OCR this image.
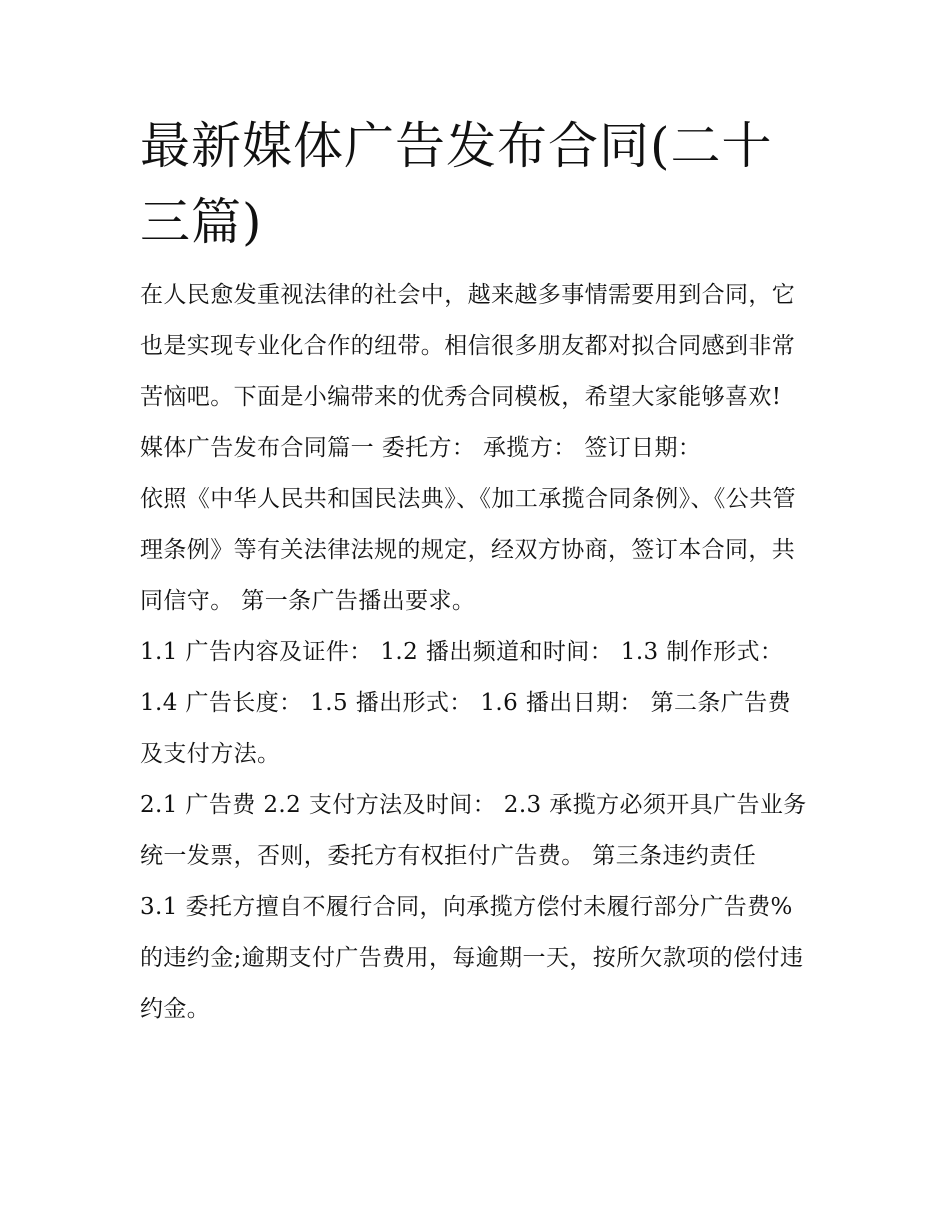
最新媒体广告发布合同(二十三篇)

在人民愈发重视法律的社会中，越来越多事情需要用到合同，它也是实现专业化合作的纽带。相信很多朋友都对拟合同感到非常苦恼吧。下面是小编带来的优秀合同模板，希望大家能够喜欢!

媒体广告发布合同篇一 委托方： 承揽方： 签订日期：

依照《中华人民共和国民法典》、《加工承揽合同条例》、《公共管理条例》等有关法律法规的规定，经双方协商，签订本合同，共同信守。 第一条广告播出要求。

1.1 广告内容及证件： 1.2 播出频道和时间： 1.3 制作形式： 1.4 广告长度： 1.5 播出形式： 1.6 播出日期： 第二条广告费及支付方法。

2.1 广告费 2.2 支付方法及时间： 2.3 承揽方必须开具广告业务统一发票，否则，委托方有权拒付广告费。 第三条违约责任

3.1 委托方擅自不履行合同，向承揽方偿付未履行部分广告费%的违约金;逾期支付广告费用，每逾期一天，按所欠款项的偿付违约金。
